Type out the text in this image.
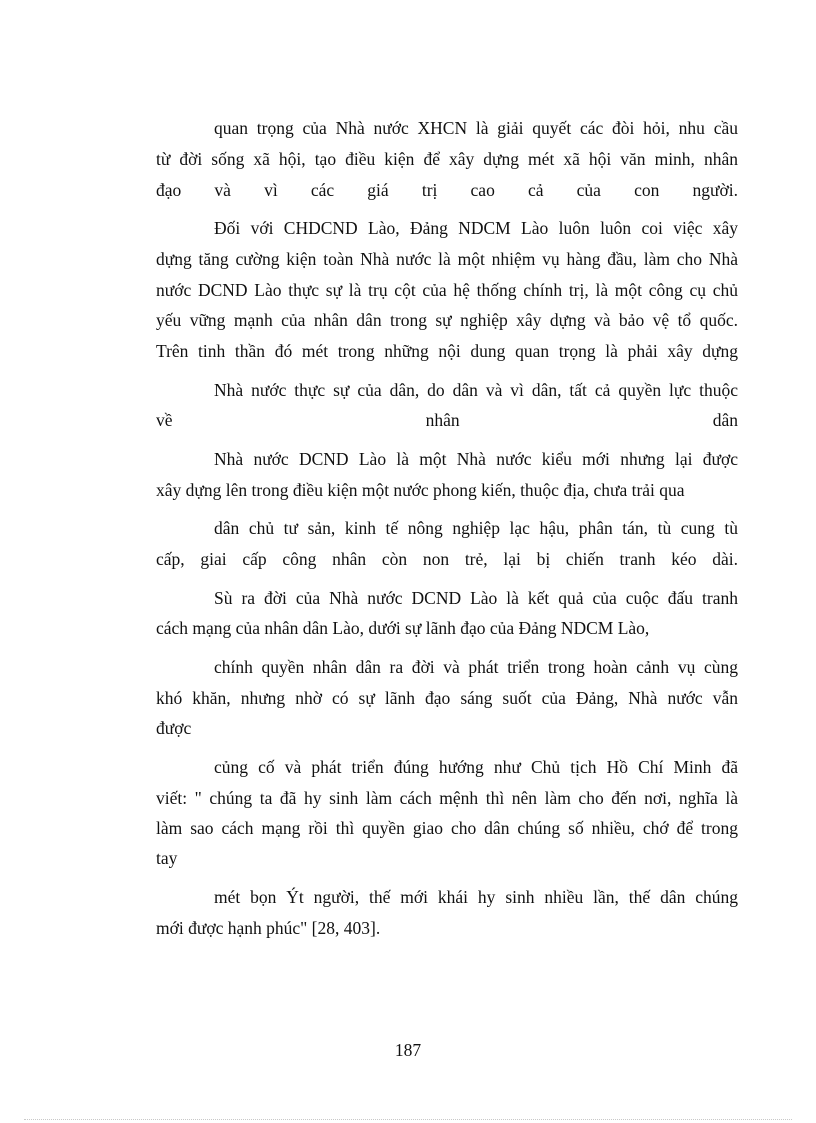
quan trọng của Nhà nước XHCN là giải quyết các đòi hỏi, nhu cầu
từ đời sống xã hội, tạo điều kiện để xây dựng mét xã hội văn minh, nhân
đạo và vì các giá trị cao cả của con người.
Đối với CHDCND Lào, Đảng NDCM Lào luôn luôn coi việc xây
dựng tăng cường kiện toàn Nhà nước là một nhiệm vụ hàng đầu, làm cho Nhà
nước DCND Lào thực sự là trụ cột của hệ thống chính trị, là một công cụ chủ
yếu vững mạnh của nhân dân trong sự nghiệp xây dựng và bảo vệ tổ quốc.
Trên tinh thần đó mét trong những nội dung quan trọng là phải xây dựng
Nhà nước thực sự của dân, do dân và vì dân, tất cả quyền lực thuộc
về nhân dân
Nhà nước DCND Lào là một Nhà nước kiểu mới nhưng lại được
xây dựng lên trong điều kiện một nước phong kiến, thuộc địa, chưa trải qua
dân chủ tư sản, kinh tế nông nghiệp lạc hậu, phân tán, tù cung tù
cấp, giai cấp công nhân còn non trẻ, lại bị chiến tranh kéo dài.
Sù ra đời của Nhà nước DCND Lào là kết quả của cuộc đấu tranh
cách mạng của nhân dân Lào, dưới sự lãnh đạo của Đảng NDCM Lào,
chính quyền nhân dân ra đời và phát triển trong hoàn cảnh vụ cùng
khó khăn, nhưng nhờ có sự lãnh đạo sáng suốt của Đảng, Nhà nước vẫn
được
củng cố và phát triển đúng hướng như Chủ tịch Hồ Chí Minh đã
viết: " chúng ta đã hy sinh làm cách mệnh thì nên làm cho đến nơi, nghĩa là
làm sao cách mạng rồi thì quyền giao cho dân chúng số nhiều, chớ để trong
tay
mét bọn Ýt người, thế mới khái hy sinh nhiều lần, thế dân chúng
mới được hạnh phúc" [28, 403].
187
